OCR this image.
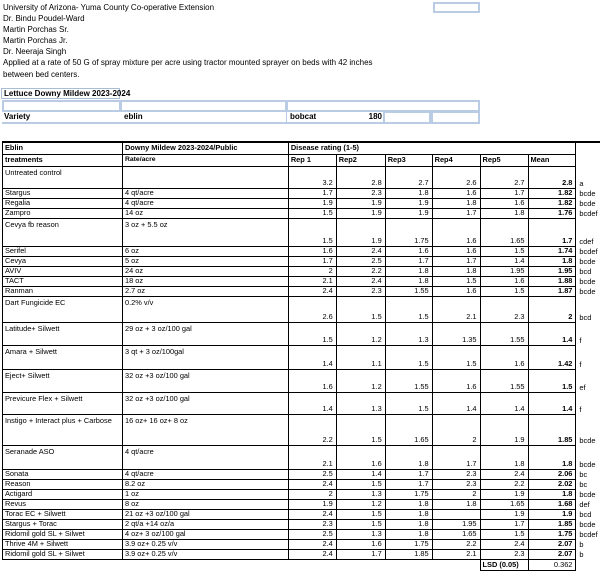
University of Arizona- Yuma County Co-operative Extension
Dr. Bindu Poudel-Ward
Martin Porchas Sr.
Martin Porchas Jr.
Dr. Neeraja Singh
Applied at a rate of 50 G of spray mixture per acre using tractor mounted sprayer on beds with 42 inches
between bed centers.
Lettuce Downy Mildew 2023-2024
Variety	eblin	bobcat	180
Eblin	Downy Mildew 2023-2024/Public	Disease rating (1-5)						
treatments	Rate/acre	Rep 1	Rep2	Rep3	Rep4	Rep5	Mean	
Untreated control		3.2	2.8	2.7	2.6	2.7	2.8	a
Stargus	4 qt/acre	1.7	2.3	1.8	1.6	1.7	1.82	bcde
Regalia	4 qt/acre	1.9	1.9	1.9	1.8	1.6	1.82	bcde
Zampro	14 oz	1.5	1.9	1.9	1.7	1.8	1.76	bcdef
Cevya fb reason	3 oz + 5.5 oz	1.5	1.9	1.75	1.6	1.65	1.7	cdef
Serifel	6 oz	1.6	2.4	1.6	1.6	1.5	1.74	bcdef
Cevya	5 oz	1.7	2.5	1.7	1.7	1.4	1.8	bcde
AVIV	24 oz	2	2.2	1.8	1.8	1.95	1.95	bcd
TACT	18 oz	2.1	2.4	1.8	1.5	1.6	1.88	bcde
Ranman	2.7 oz	2.4	2.3	1.55	1.6	1.5	1.87	bcde
Dart Fungicide EC	0.2% v/v	2.6	1.5	1.5	2.1	2.3	2	bcd
Latitude+ Silwett	29 oz + 3 oz/100 gal	1.5	1.2	1.3	1.35	1.55	1.4	f
Amara + Silwett	3 qt + 3 oz/100gal	1.4	1.1	1.5	1.5	1.6	1.42	f
Eject+ Silwett	32 oz +3 oz/100 gal	1.6	1.2	1.55	1.6	1.55	1.5	ef
Previcure Flex + Silwett	32 oz +3 oz/100 gal	1.4	1.3	1.5	1.4	1.4	1.4	f
Instigo + Interact plus + Carbose	16 oz+ 16 oz+ 8 oz	2.2	1.5	1.65	2	1.9	1.85	bcde
Seranade ASO	4 qt/acre	2.1	1.6	1.8	1.7	1.8	1.8	bcde
Sonata	4 qt/acre	2.5	1.4	1.7	2.3	2.4	2.06	bc
Reason	8.2 oz	2.4	1.5	1.7	2.3	2.2	2.02	bc
Actigard	1 oz	2	1.3	1.75	2	1.9	1.8	bcde
Revus	8 oz	1.9	1.2	1.8	1.8	1.65	1.68	def
Torac EC + Silwett	21 oz +3 oz/100 gal	2.4	1.5	1.8		1.9	1.9	bcd
Stargus + Torac	2 qt/a +14 oz/a	2.3	1.5	1.8	1.95	1.7	1.85	bcde
Ridomil gold SL + Silwet	4 oz+ 3 oz/100 gal	2.5	1.3	1.8	1.65	1.5	1.75	bcdef
Thrive 4M + Silwett	3.9 oz+ 0.25 v/v	2.4	1.6	1.75	2.2	2.4	2.07	b
Ridomil gold SL + Silwet	3.9 oz+ 0.25 v/v	2.4	1.7	1.85	2.1	2.3	2.07	b
						LSD (0.05)	0.362	
